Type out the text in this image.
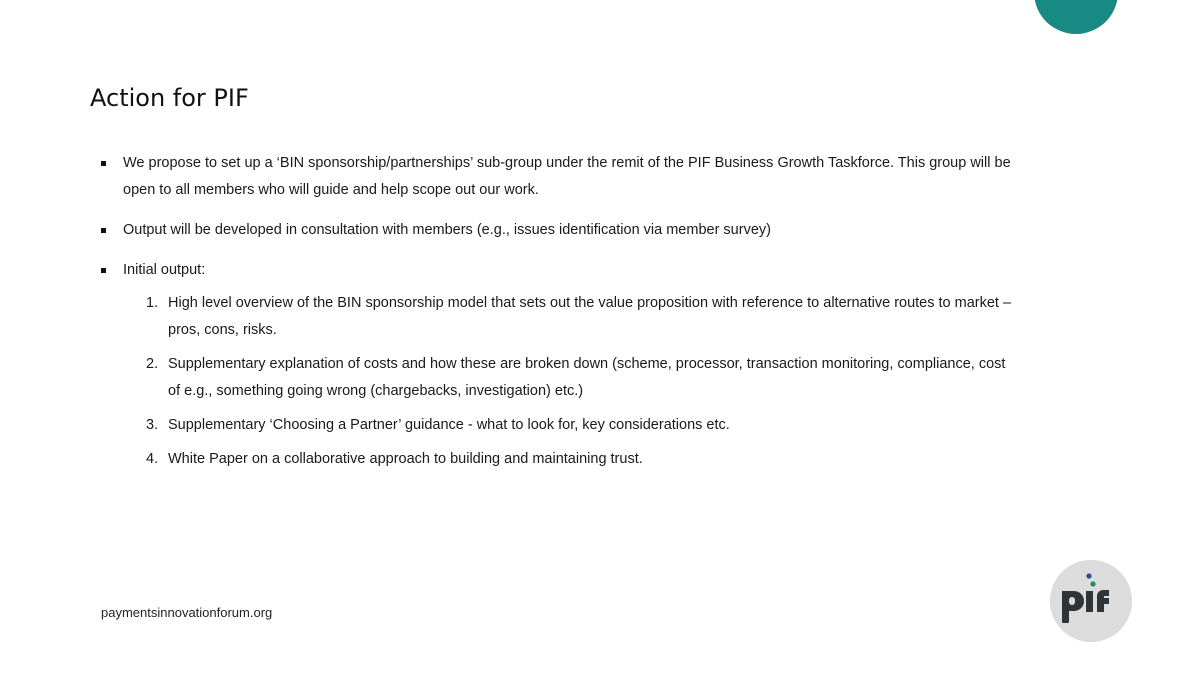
Action for PIF
We propose to set up a ‘BIN sponsorship/partnerships’ sub-group under the remit of the PIF Business Growth Taskforce. This group will be open to all members who will guide and help scope out our work.
Output will be developed in consultation with members (e.g., issues identification via member survey)
Initial output:
1. High level overview of the BIN sponsorship model that sets out the value proposition with reference to alternative routes to market – pros, cons, risks.
2. Supplementary explanation of costs and how these are broken down (scheme, processor, transaction monitoring, compliance, cost of e.g., something going wrong (chargebacks, investigation) etc.)
3. Supplementary ‘Choosing a Partner’ guidance - what to look for, key considerations etc.
4. White Paper on a collaborative approach to building and maintaining trust.
paymentsinnovationforum.org
pif
